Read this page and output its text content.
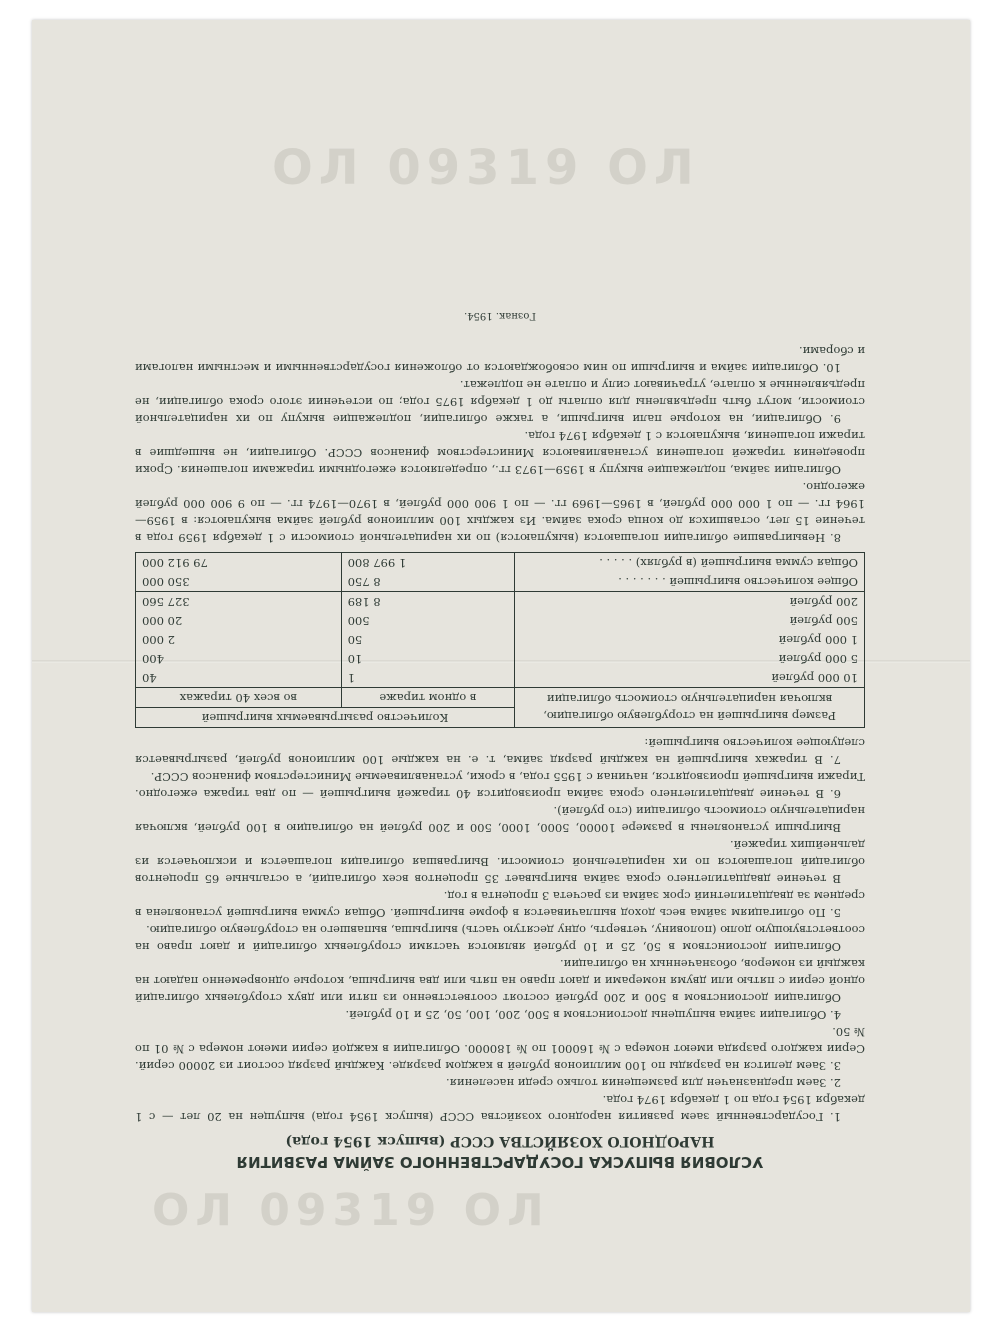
ОЛ 09319 ОЛ
ОЛ 09319 ОЛ
УСЛОВИЯ ВЫПУСКА ГОСУДАРСТВЕННОГО ЗАЙМА РАЗВИТИЯ
НАРОДНОГО ХОЗЯЙСТВА СССР (выпуск 1954 года)

1. Государственный заем развития народного хозяйства СССР (выпуск 1954 года) выпущен на 20 лет — с 1 декабря 1954 года по 1 декабря 1974 года.

2. Заем предназначен для размещения только среди населения.

3. Заем делится на разряды по 100 миллионов рублей в каждом разряде. Каждый разряд состоит из 20000 серий. Серии каждого разряда имеют номера с № 160001 по № 180000. Облигации в каждой серии имеют номера с № 01 по № 50.

4. Облигации займа выпущены достоинством в 500, 200, 100, 50, 25 и 10 рублей.

Облигации достоинством в 500 и 200 рублей состоят соответственно из пяти или двух сторублевых облигаций одной серии с пятью или двумя номерами и дают право на пять или два выигрыша, которые одновременно падают на каждый из номеров, обозначенных на облигации.

Облигации достоинством в 50, 25 и 10 рублей являются частями сторублевых облигаций и дают право на соответствующую долю (половину, четверть, одну десятую часть) выигрыша, выпавшего на сторублевую облигацию.

5. По облигациям займа весь доход выплачивается в форме выигрышей. Общая сумма выигрышей установлена в среднем за двадцатилетний срок займа из расчета 3 процента в год.

В течение двадцатилетнего срока займа выигрывает 35 процентов всех облигаций, а остальные 65 процентов облигаций погашаются по их нарицательной стоимости. Выигравшая облигация погашается и исключается из дальнейших тиражей.

Выигрыши установлены в размере 10000, 5000, 1000, 500 и 200 рублей на облигацию в 100 рублей, включая нарицательную стоимость облигации (сто рублей).

6. В течение двадцатилетнего срока займа производится 40 тиражей выигрышей — по два тиража ежегодно. Тиражи выигрышей производятся, начиная с 1955 года, в сроки, устанавливаемые Министерством финансов СССР.

7. В тиражах выигрышей на каждый разряд займа, т. е. на каждые 100 миллионов рублей, разыгрывается следующее количество выигрышей:

Размер выигрышей на сторублевую облигацию, включая нарицательную стоимость облигации	Количество разыгрываемых выигрышей	
	в одном тираже	во всех 40 тиражах
10 000 рублей	1	40
5 000 рублей	10	400
1 000 рублей	50	2 000
500 рублей	500	20 000
200 рублей	8 189	327 560
Общее количество выигрышей . . . . . . .	8 750	350 000
Общая сумма выигрышей (в рублях) . . . . .	1 997 800	79 912 000

8. Невыигравшие облигации погашаются (выкупаются) по их нарицательной стоимости с 1 декабря 1959 года в течение 15 лет, оставшихся до конца срока займа. Из каждых 100 миллионов рублей займа выкупаются: в 1959—1964 гг. — по 1 000 000 рублей, в 1965—1969 гг. — по 1 900 000 рублей, в 1970—1974 гг. — по 9 900 000 рублей ежегодно.

Облигации займа, подлежащие выкупу в 1959—1973 гг., определяются ежегодными тиражами погашения. Сроки проведения тиражей погашения устанавливаются Министерством финансов СССР. Облигации, не вышедшие в тиражи погашения, выкупаются с 1 декабря 1974 года.

9. Облигации, на которые пали выигрыши, а также облигации, подлежащие выкупу по их нарицательной стоимости, могут быть предъявлены для оплаты до 1 декабря 1975 года; по истечении этого срока облигации, не предъявленные к оплате, утрачивают силу и оплате не подлежат.

10. Облигации займа и выигрыши по ним освобождаются от обложения государственными и местными налогами и сборами.

Гознак. 1954.
